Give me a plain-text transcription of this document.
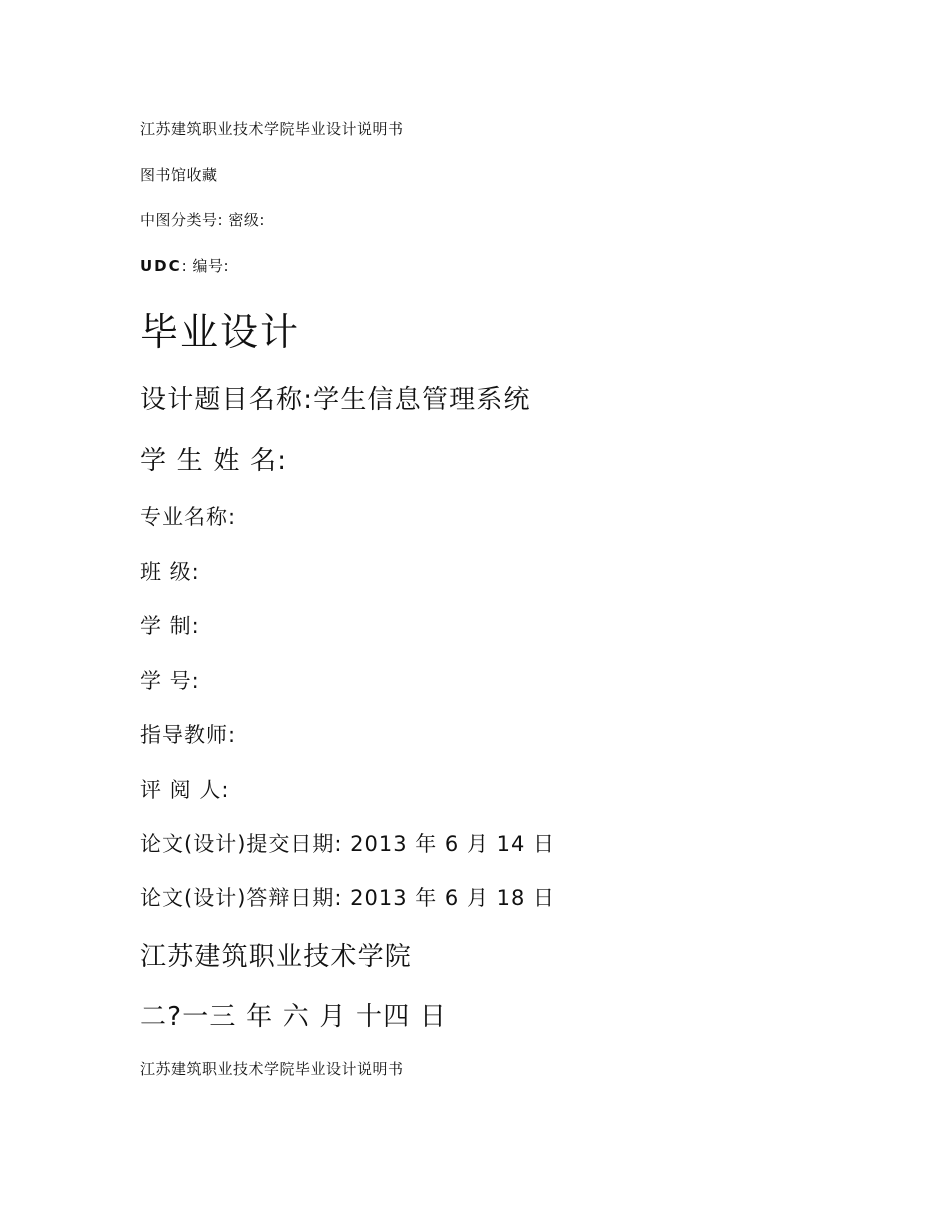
江苏建筑职业技术学院毕业设计说明书
图书馆收藏
中图分类号: 密级:
UDC: 编号:
毕业设计
设计题目名称:学生信息管理系统
学 生 姓 名:
专业名称:
班 级:
学 制:
学 号:
指导教师:
评 阅 人:
论文(设计)提交日期: 2013 年 6 月 14 日
论文(设计)答辩日期: 2013 年 6 月 18 日
江苏建筑职业技术学院
二?一三 年 六 月 十四 日
江苏建筑职业技术学院毕业设计说明书
